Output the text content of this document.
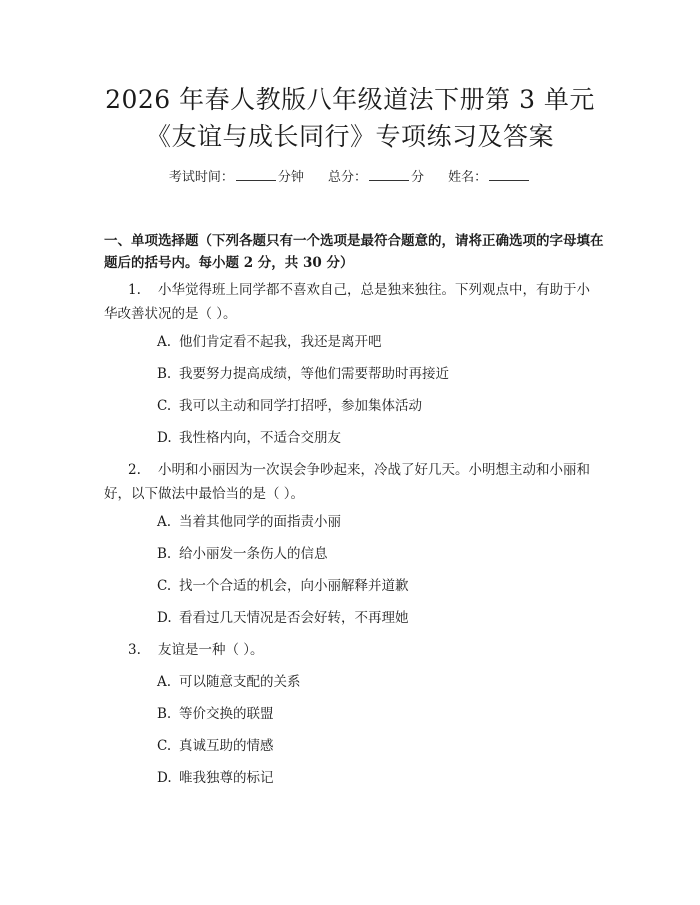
2026 年春人教版八年级道法下册第 3 单元
《友谊与成长同行》专项练习及答案
考试时间：	分钟 总分：	分 姓名：
一、单项选择题（下列各题只有一个选项是最符合题意的，请将正确选项的字母填在题后的括号内。每小题 2 分，共 30 分）
1. 小华觉得班上同学都不喜欢自己，总是独来独往。下列观点中，有助于小华改善状况的是（ ）。
A. 他们肯定看不起我，我还是离开吧
B. 我要努力提高成绩，等他们需要帮助时再接近
C. 我可以主动和同学打招呼，参加集体活动
D. 我性格内向，不适合交朋友
2. 小明和小丽因为一次误会争吵起来，冷战了好几天。小明想主动和小丽和好，以下做法中最恰当的是（ ）。
A. 当着其他同学的面指责小丽
B. 给小丽发一条伤人的信息
C. 找一个合适的机会，向小丽解释并道歉
D. 看看过几天情况是否会好转，不再理她
3. 友谊是一种（ ）。
A. 可以随意支配的关系
B. 等价交换的联盟
C. 真诚互助的情感
D. 唯我独尊的标记
